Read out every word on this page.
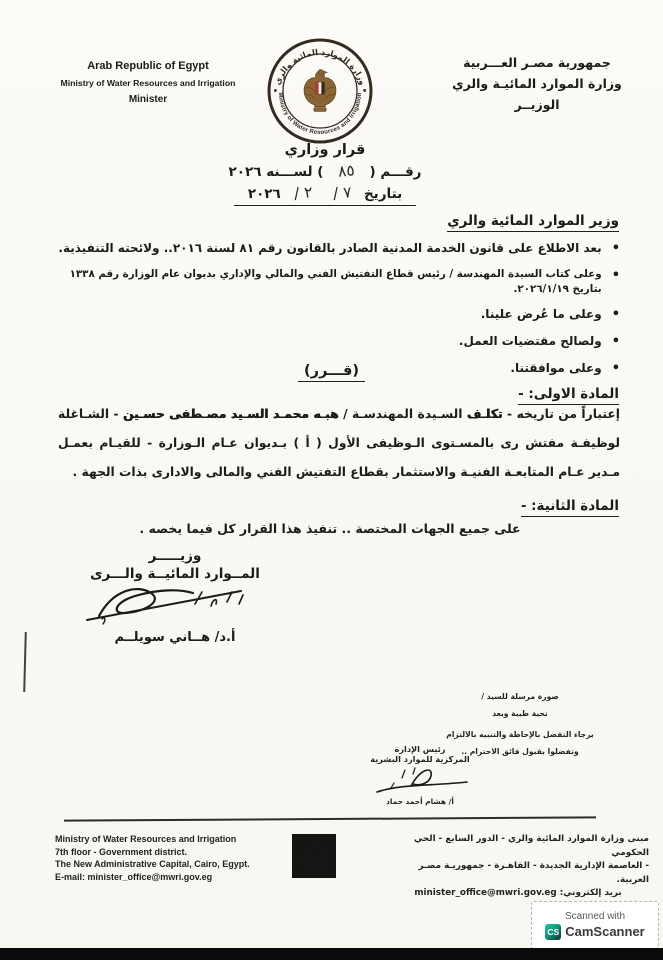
Arab Republic of Egypt
Ministry of Water Resources and Irrigation
Minister
• وزارة الموارد المائية والري •
Ministry of Water Resources and Irrigation
جمهورية مصـر العـــربية
وزارة الموارد المائيـة والري
الوزيــر
قرار وزاري
رقـــم ( ٨٥ ) لســـنه ٢٠٢٦
بتاريخ ٧ / ٢ / ٢٠٢٦
وزير الموارد المائية والري
• بعد الاطلاع على قانون الخدمة المدنية الصادر بالقانون رقم ٨١ لسنة ٢٠١٦.. ولائحته التنفيذية.
• وعلى كتاب السيدة المهندسة / رئيس قطاع التفتيش الفني والمالي والإداري بديوان عام الوزارة رقم ١٣٣٨ بتاريخ ٢٠٢٦/١/١٩.
• وعلى ما عُرض علينا.
• ولصالح مقتضيات العمل.
• وعلى موافقتنا.
(قـــرر)
المادة الاولى: -

إعتباراً من تاريخه - تكلـف السـيدة المهندسـة / هبـه محمـد السـيد مصـطفى حسـين - الشـاغلة لوظيفـة مفتش رى بالمسـتوى الـوظيفى الأول ( أ ) بـديوان عـام الـوزارة - للقيـام بعمـل مـدير عـام المتابعـة الفنيـة والاستثمار بقطاع التفتيش الفني والمالى والادارى بذات الجهة .

المادة الثانية: -
على جميع الجهات المختصة .. تنفيذ هذا القرار كل فيما يخصه .
وزيـــــر
المــوارد المائيــة والـــرى
أ.د/ هــاني سويلــم
صورة مرسلة للسيد /
تحية طيبة وبعد
برجاء التفضل بالإحاطة والتنبيه بالالتزام
وتفضلوا بقبول فائق الاحترام ..
رئيس الإدارة
المركزية للموارد البشرية
أ/ هشام أحمد حماد
Ministry of Water Resources and Irrigation
7th floor - Government district.
The New Administrative Capital, Cairo, Egypt.
E-mail: minister_office@mwri.gov.eg
مبنى وزارة الموارد المائية والري - الدور السابع - الحي الحكومي
- العاصمة الإدارية الجديدة - القاهـرة - جمهوريـة مصـر العربية.
بريد إلكتروني: minister_office@mwri.gov.eg
Scanned with
CS CamScanner
